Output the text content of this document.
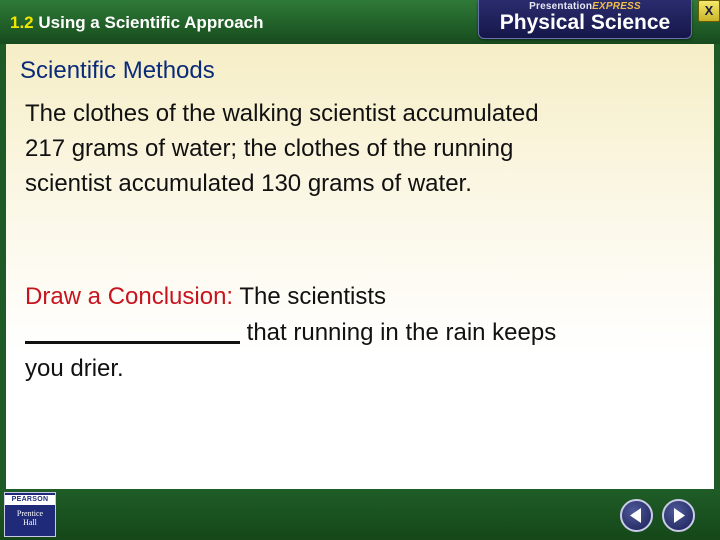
1.2 Using a Scientific Approach
PresentationEXPRESS
Physical Science
X
Scientific Methods
The clothes of the walking scientist accumulated 217 grams of water; the clothes of the running scientist accumulated 130 grams of water.
Draw a Conclusion: The scientists
that running in the rain keeps you drier.
PEARSON
Prentice
Hall
